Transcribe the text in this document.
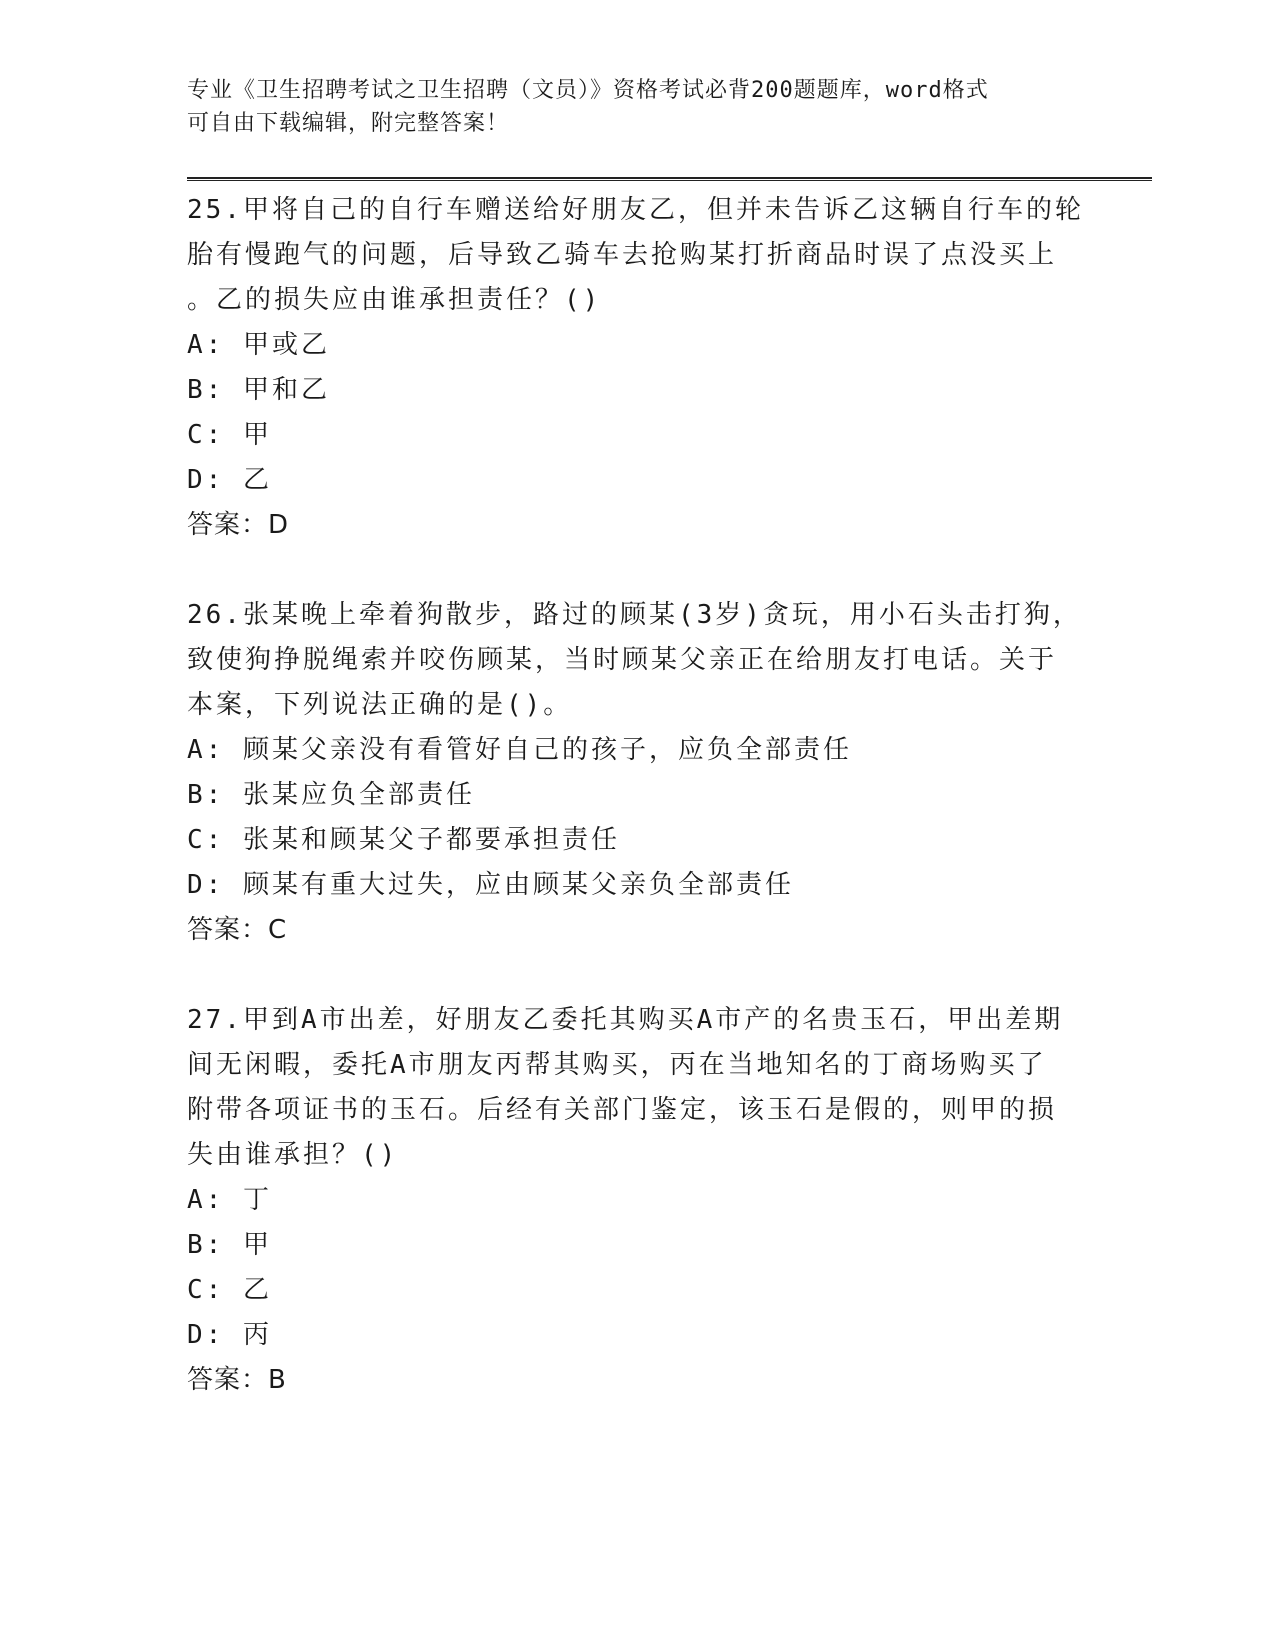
专业《卫生招聘考试之卫生招聘（文员）》资格考试必背200题题库，word格式
可自由下载编辑，附完整答案！

25.甲将自己的自行车赠送给好朋友乙，但并未告诉乙这辆自行车的轮

胎有慢跑气的问题，后导致乙骑车去抢购某打折商品时误了点没买上

。乙的损失应由谁承担责任？()

A: 甲或乙

B: 甲和乙

C: 甲

D: 乙

答案：D

26.张某晚上牵着狗散步，路过的顾某(3岁)贪玩，用小石头击打狗，

致使狗挣脱绳索并咬伤顾某，当时顾某父亲正在给朋友打电话。关于

本案，下列说法正确的是()。

A: 顾某父亲没有看管好自己的孩子，应负全部责任

B: 张某应负全部责任

C: 张某和顾某父子都要承担责任

D: 顾某有重大过失，应由顾某父亲负全部责任

答案：C

27.甲到A市出差，好朋友乙委托其购买A市产的名贵玉石，甲出差期

间无闲暇，委托A市朋友丙帮其购买，丙在当地知名的丁商场购买了

附带各项证书的玉石。后经有关部门鉴定，该玉石是假的，则甲的损

失由谁承担？()

A: 丁

B: 甲

C: 乙

D: 丙

答案：B
